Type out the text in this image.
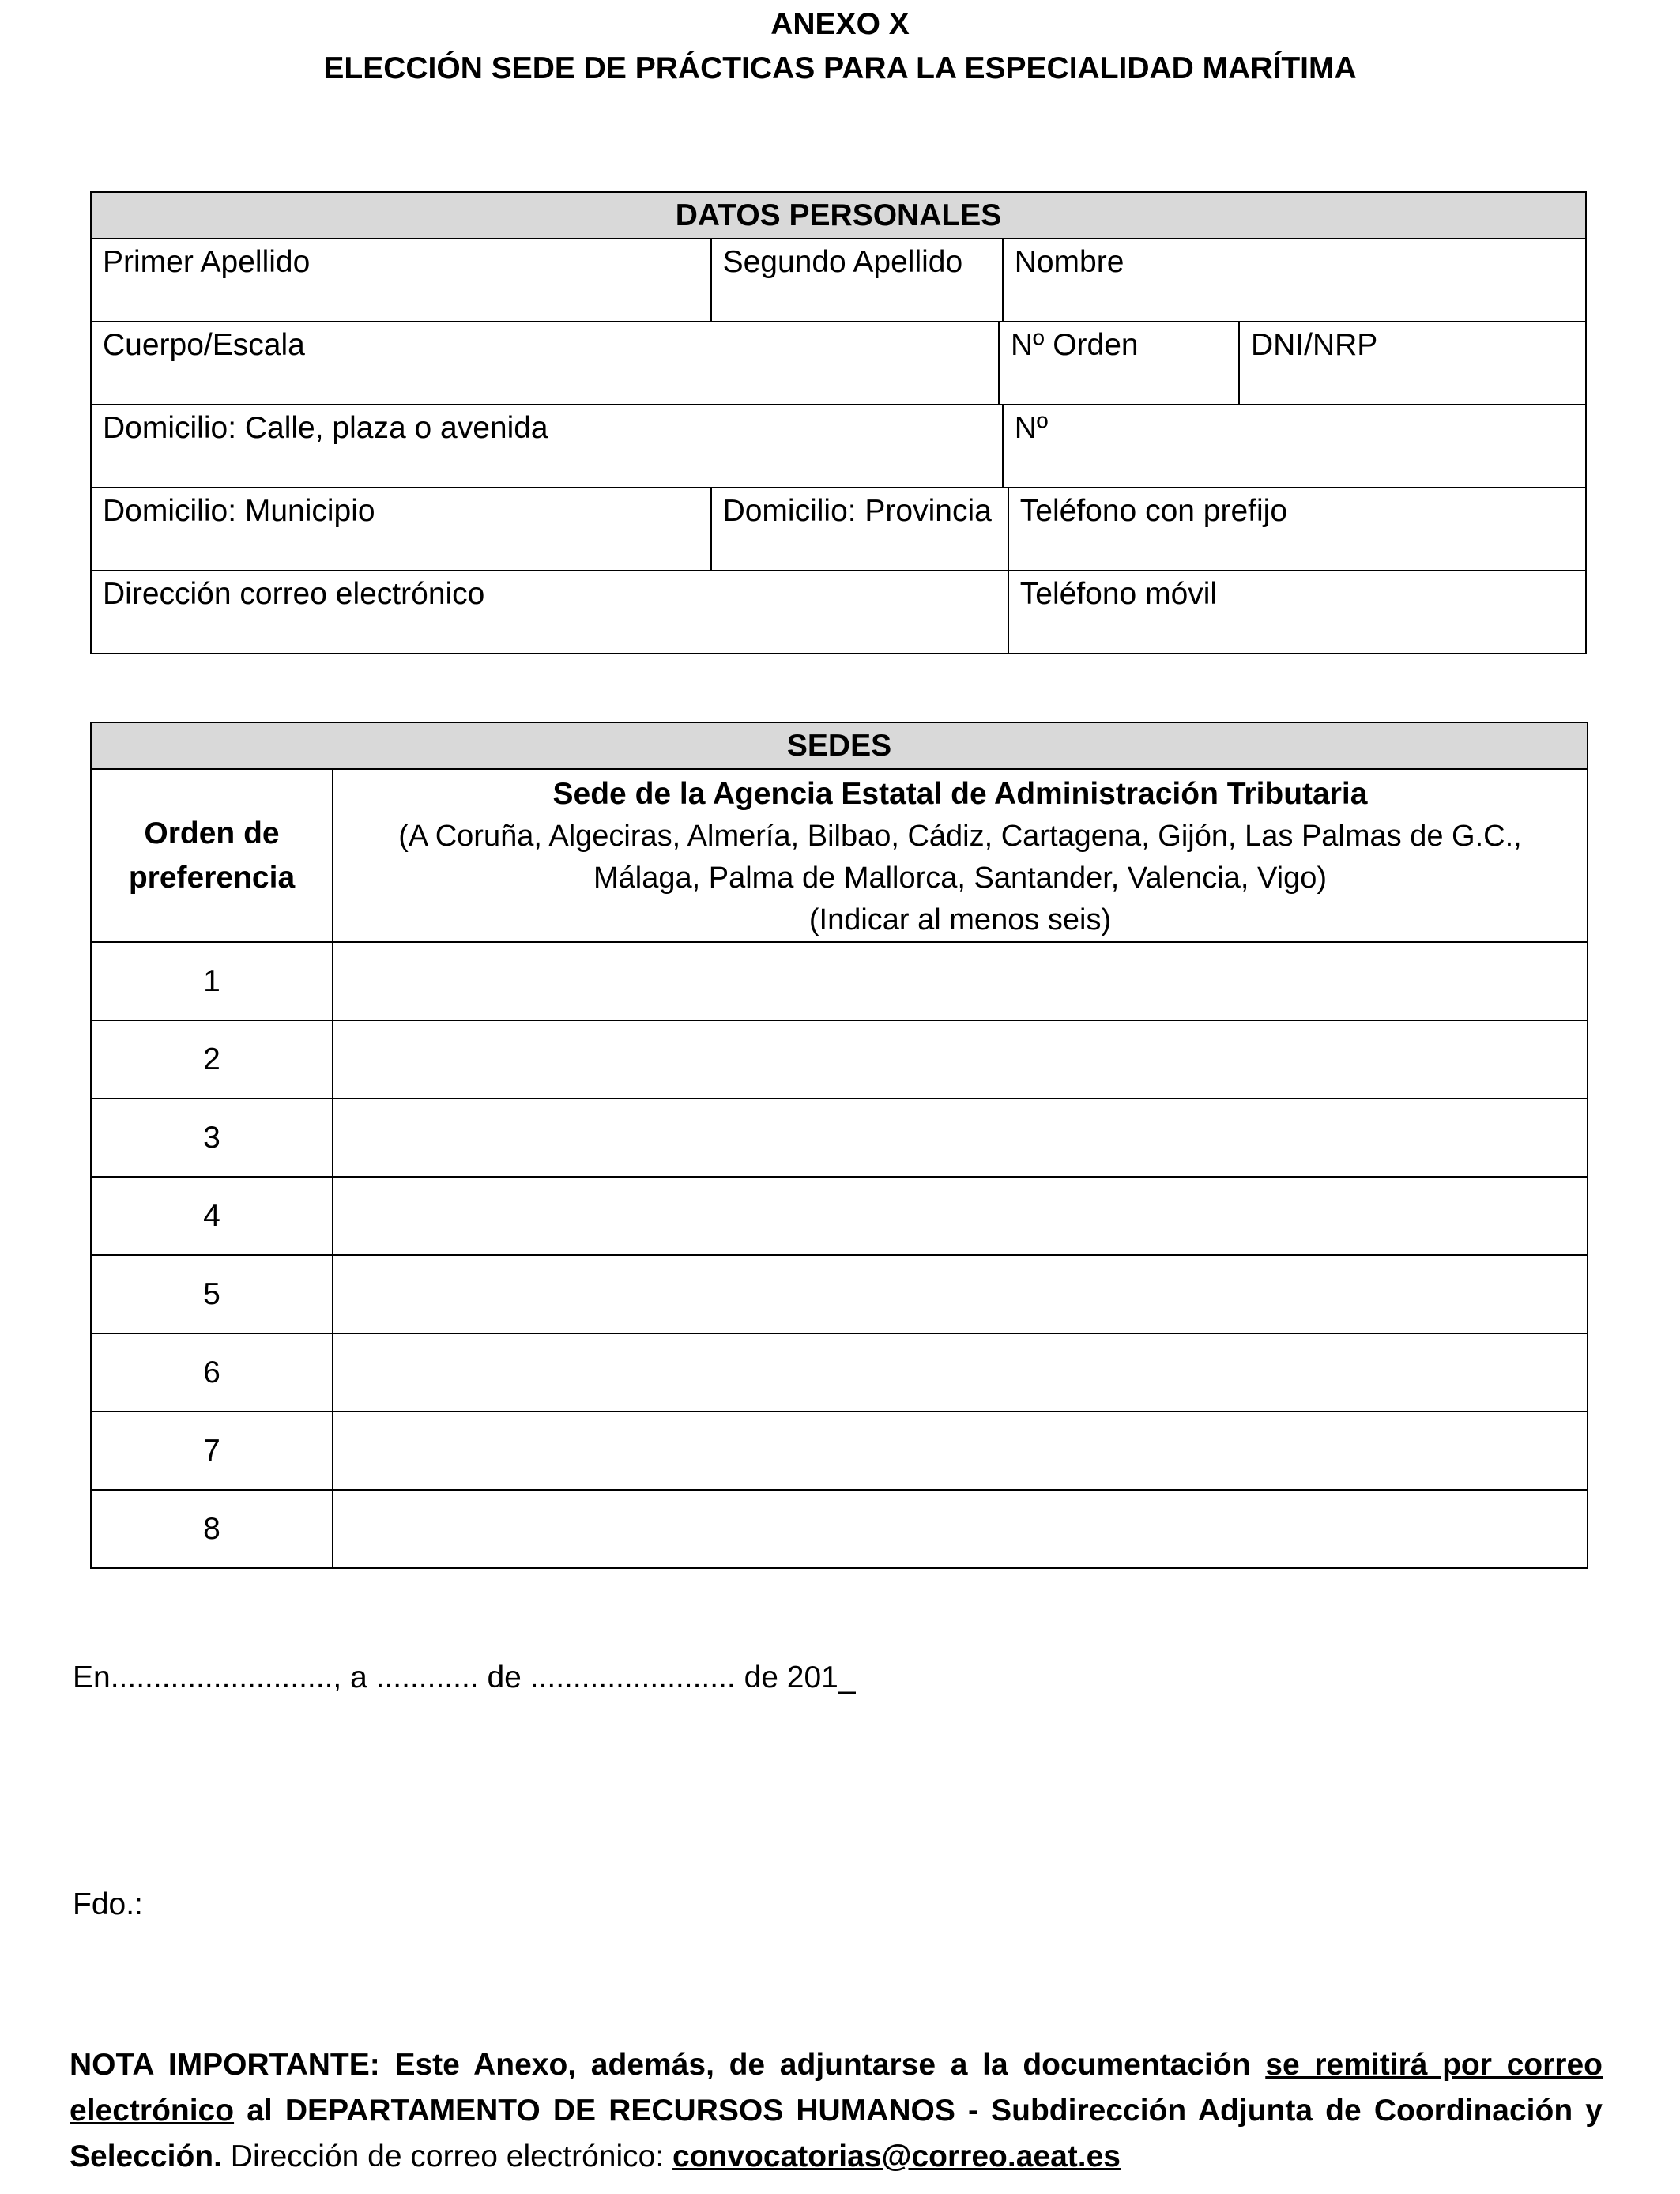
ANEXO X
ELECCIÓN SEDE DE PRÁCTICAS PARA LA ESPECIALIDAD MARÍTIMA
DATOS PERSONALES
Primer Apellido	Segundo Apellido	Nombre
Cuerpo/Escala		Nº Orden	DNI/NRP

Domicilio: Calle, plaza o avenida	Nº
Domicilio: Municipio	Domicilio: Provincia	Teléfono con prefijo
Dirección correo electrónico	Teléfono móvil
SEDES	
Orden de
preferencia	Sede de la Agencia Estatal de Administración Tributaria
(A Coruña, Algeciras, Almería, Bilbao, Cádiz, Cartagena, Gijón, Las Palmas de G.C.,
Málaga, Palma de Mallorca, Santander, Valencia, Vigo)
(Indicar al menos seis)
1	
2	
3	
4	
5	
6	
7	
8	
En.........................., a ............ de ........................ de 201_
Fdo.:
NOTA IMPORTANTE: Este Anexo, además, de adjuntarse a la documentación se remitirá por correo electrónico al DEPARTAMENTO DE RECURSOS HUMANOS - Subdirección Adjunta de Coordinación y Selección. Dirección de correo electrónico: convocatorias@correo.aeat.es
